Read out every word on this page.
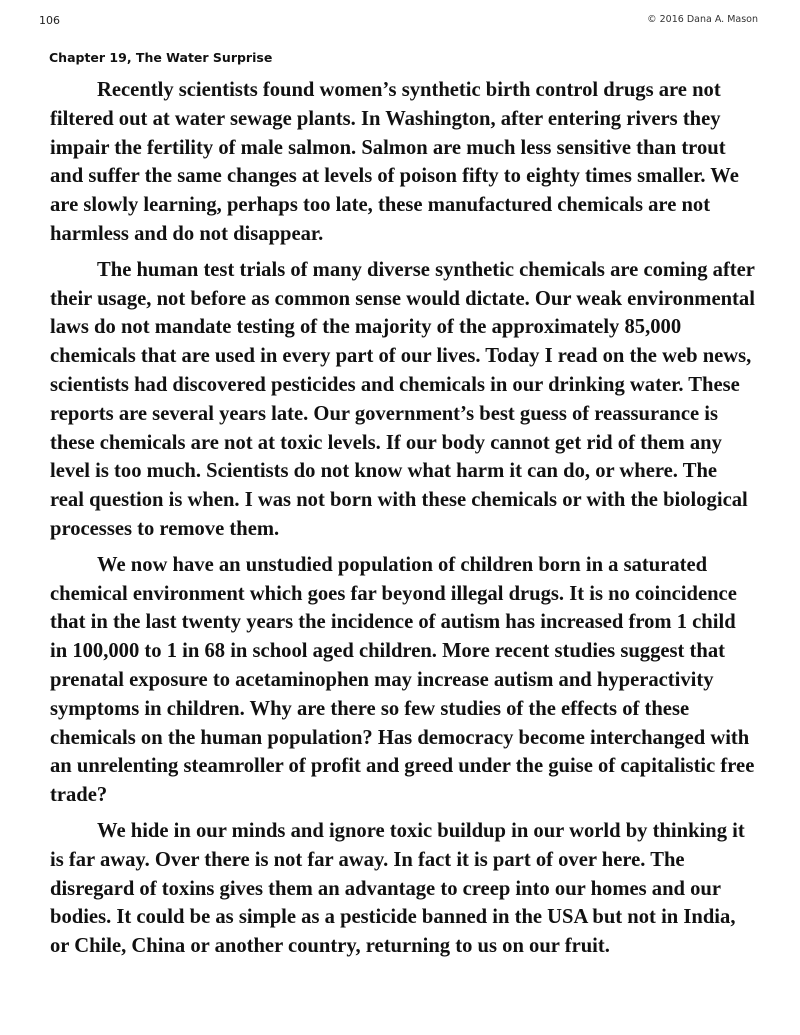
106	© 2016 Dana A. Mason
Chapter 19, The Water Surprise

Recently scientists found women’s synthetic birth control drugs are not filtered out at water sewage plants. In Washington, after entering rivers they impair the fertility of male salmon. Salmon are much less sensitive than trout and suffer the same changes at levels of poison fifty to eighty times smaller. We are slowly learning, perhaps too late, these manufactured chemicals are not harmless and do not disappear.

The human test trials of many diverse synthetic chemicals are coming after their usage, not before as common sense would dictate. Our weak environmental laws do not mandate testing of the majority of the approximately 85,000 chemicals that are used in every part of our lives. Today I read on the web news, scientists had discovered pesticides and chemicals in our drinking water. These reports are several years late. Our government’s best guess of reassurance is these chemicals are not at toxic levels. If our body cannot get rid of them any level is too much. Scientists do not know what harm it can do, or where. The real question is when. I was not born with these chemicals or with the biological processes to remove them.

We now have an unstudied population of children born in a saturated chemical environment which goes far beyond illegal drugs. It is no coincidence that in the last twenty years the incidence of autism has increased from 1 child in 100,000 to 1 in 68 in school aged children. More recent studies suggest that prenatal exposure to acetaminophen may increase autism and hyperactivity symptoms in children. Why are there so few studies of the effects of these chemicals on the human population? Has democracy become interchanged with an unrelenting steamroller of profit and greed under the guise of capitalistic free trade?

We hide in our minds and ignore toxic buildup in our world by thinking it is far away. Over there is not far away. In fact it is part of over here. The disregard of toxins gives them an advantage to creep into our homes and our bodies. It could be as simple as a pesticide banned in the USA but not in India, or Chile, China or another country, returning to us on our fruit.
